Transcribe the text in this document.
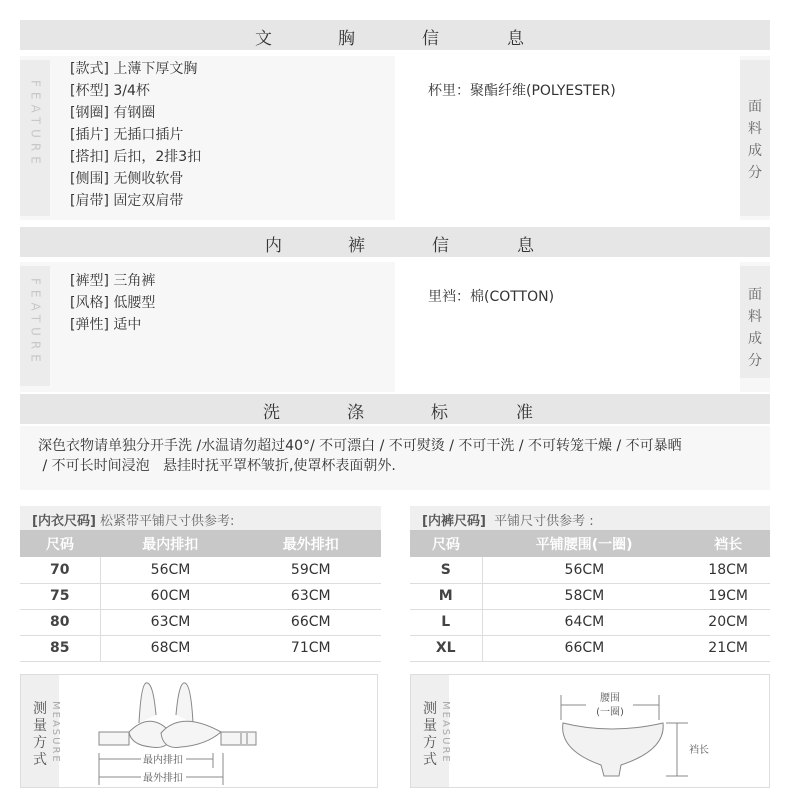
文	胸	信	息
FEATURE
[款式] 上薄下厚文胸
[杯型] 3/4杯
[钢圈] 有钢圈
[插片] 无插口插片
[搭扣] 后扣，2排3扣
[侧围] 无侧收软骨
[肩带] 固定双肩带
杯里：聚酯纤维(POLYESTER)
面料成分
内	裤	信	息
FEATURE [裤型] 三角裤
[风格] 低腰型
[弹性] 适中
里裆：棉(COTTON)	面料成分
洗	涤	标	准
深色衣物请单独分开手洗 /水温请勿超过40°/ 不可漂白 / 不可熨烫 / 不可干洗 / 不可转笼干燥 / 不可暴晒
/ 不可长时间浸泡   悬挂时抚平罩杯皱折,使罩杯表面朝外.
[内衣尺码] 松紧带平铺尺寸供参考:
尺码	最内排扣	最外排扣
70	56CM	59CM
75	60CM	63CM
80	63CM	66CM
85	68CM	71CM
[内裤尺码]  平铺尺寸供参考 :
尺码	平铺腰围(一圈)	裆长
S	56CM	18CM
M	58CM	19CM
L	64CM	20CM
XL	66CM	21CM
测量方式 MEASURE	最内排扣
最外排扣
测量方式 MEASURE
腰围
(一圈)
裆长
